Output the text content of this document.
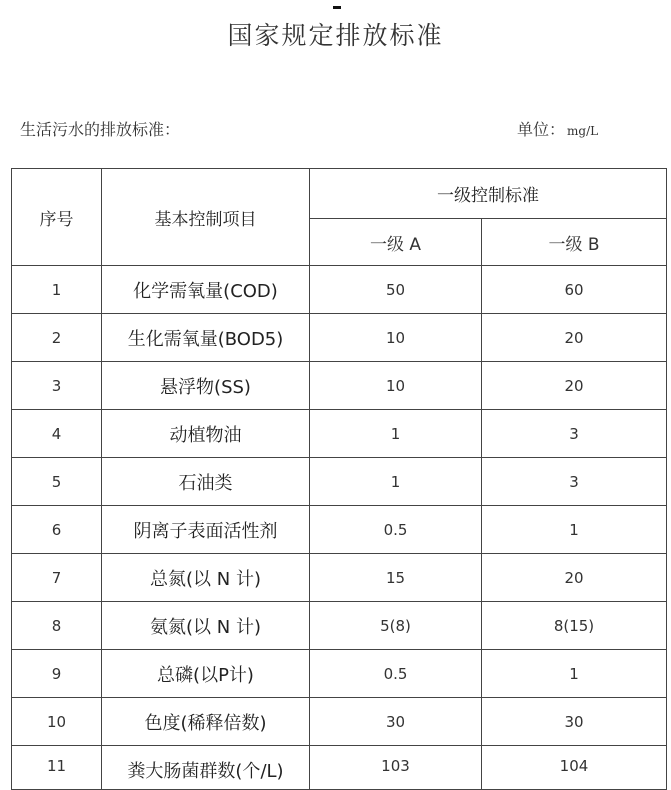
国家规定排放标准
生活污水的排放标准：	单位： mg/L
序号	基本控制项目	一级控制标准	
		一级 A	一级 B
1	化学需氧量(COD)	50	60
2	生化需氧量(BOD5)	10	20
3	悬浮物(SS)	10	20
4	动植物油	1	3
5	石油类	1	3
6	阴离子表面活性剂	0.5	1
7	总氮(以 N 计)	15	20
8	氨氮(以 N 计)	5(8)	8(15)
9	总磷(以P计)	0.5	1
10	色度(稀释倍数)	30	30
11	粪大肠菌群数(个/L)	103	104
